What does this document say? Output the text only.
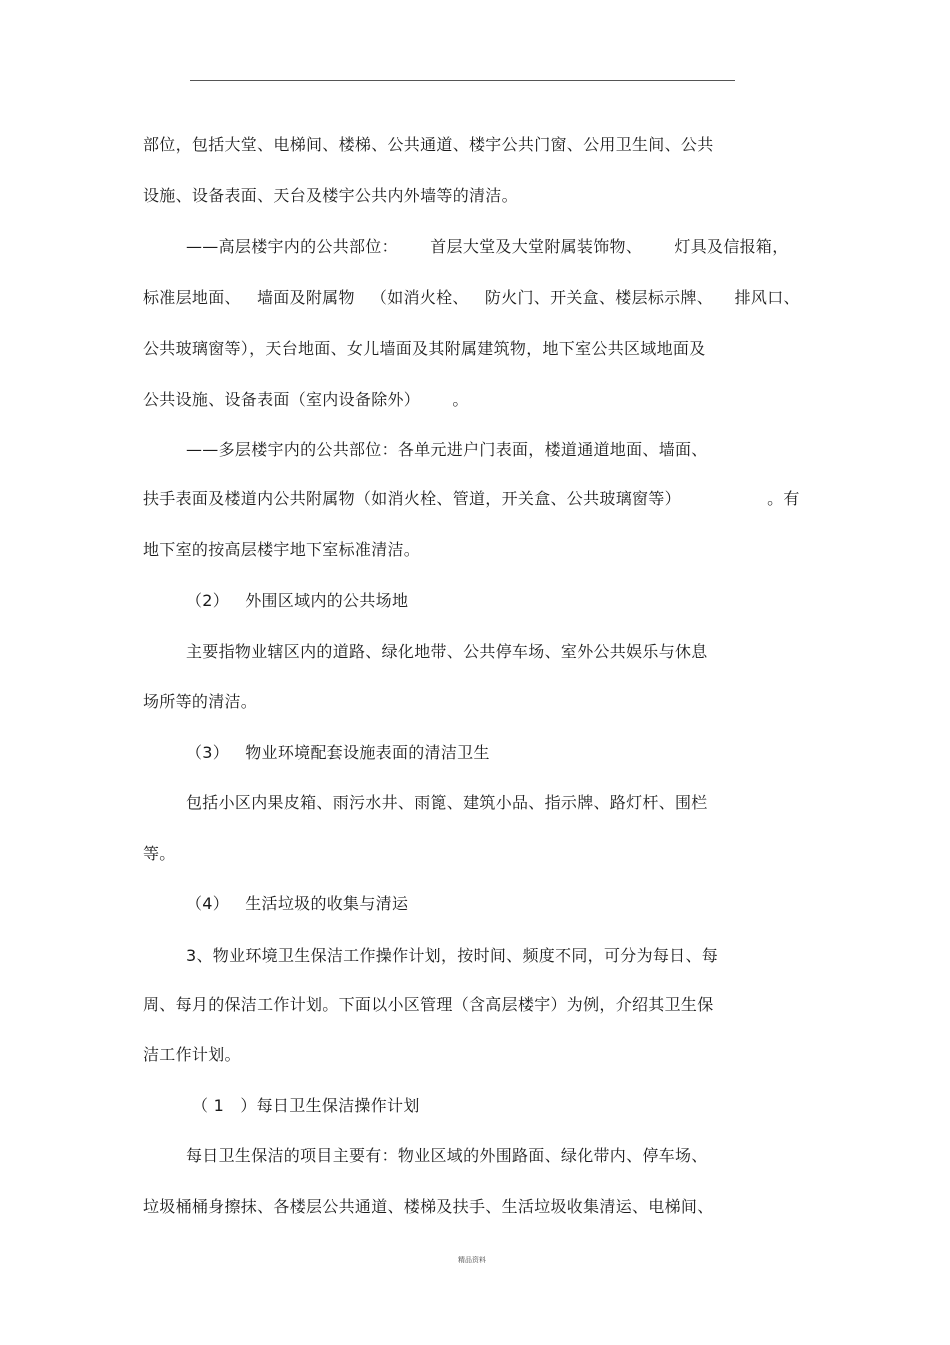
部位，包括大堂、电梯间、楼梯、公共通道、楼宇公共门窗、公用卫生间、公共
设施、设备表面、天台及楼宇公共内外墙等的清洁。
——高层楼宇内的公共部位：      首层大堂及大堂附属装饰物、      灯具及信报箱，
标准层地面、   墙面及附属物   （如消火栓、   防火门、开关盒、楼层标示牌、    排风口、
公共玻璃窗等），天台地面、女儿墙面及其附属建筑物，地下室公共区域地面及
公共设施、设备表面（室内设备除外）      。
——多层楼宇内的公共部位：各单元进户门表面，楼道通道地面、墙面、
扶手表面及楼道内公共附属物（如消火栓、管道，开关盒、公共玻璃窗等）                。有
地下室的按高层楼宇地下室标准清洁。
（2）   外围区域内的公共场地
主要指物业辖区内的道路、绿化地带、公共停车场、室外公共娱乐与休息
场所等的清洁。
（3）   物业环境配套设施表面的清洁卫生
包括小区内果皮箱、雨污水井、雨篦、建筑小品、指示牌、路灯杆、围栏
等。
（4）   生活垃圾的收集与清运
3、物业环境卫生保洁工作操作计划，按时间、频度不同，可分为每日、每
周、每月的保洁工作计划。下面以小区管理（含高层楼宇）为例，介绍其卫生保
洁工作计划。
（ 1   ）每日卫生保洁操作计划
每日卫生保洁的项目主要有：物业区域的外围路面、绿化带内、停车场、
垃圾桶桶身擦抹、各楼层公共通道、楼梯及扶手、生活垃圾收集清运、电梯间、
精品资料
